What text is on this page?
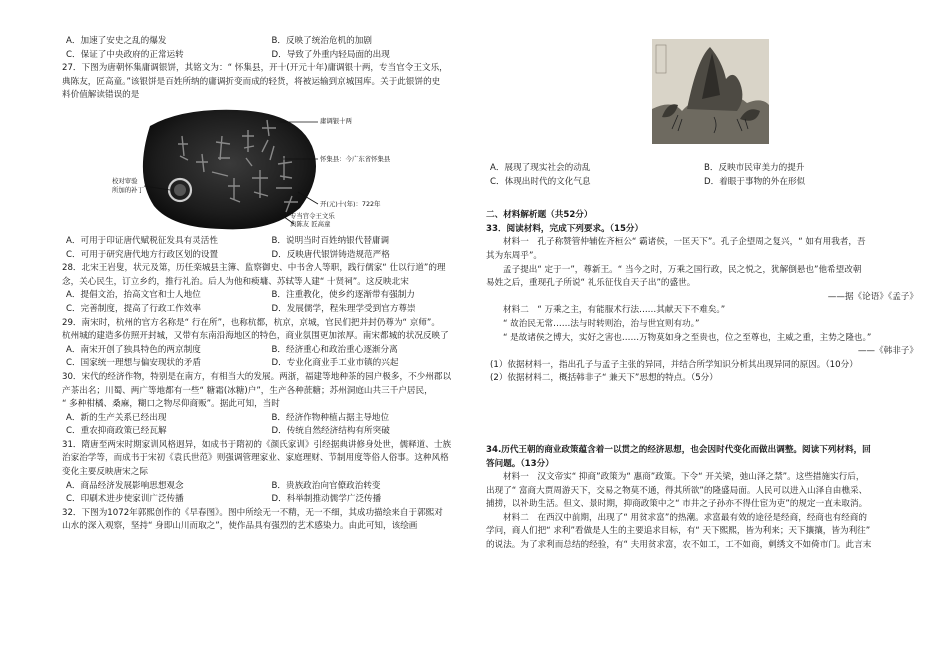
A．加速了安史之乱的爆发	B．反映了统治危机的加剧
C．保证了中央政府的正常运转	D．导致了外重内轻局面的出现
27．下图为唐朝怀集庸调银饼，其铭文为：“ 怀集县，开十(开元十年)庸调银十两，专当官令王文乐，
典陈友，匠高童。”该银饼是百姓所纳的庸调折变而成的轻货，将被运输到京城国库。关于此银饼的史
料价值解读错误的是
庸调银十两
怀集县：今广东省怀集县
校对审验
所加的补丁
开(元)十(年)：722年
专当官令王文乐
典陈友 匠高童
A．可用于印证唐代赋税征发具有灵活性	B．说明当时百姓纳银代替庸调
C．可用于研究唐代地方行政区划的设置	D．反映唐代银饼铸造规范严格
28．北宋王岩叟，状元及第，历任栾城县主簿、监察御史、中书舍人等职，践行儒家“ 仕以行道”的理
念，关心民生，订立乡约，推行礼治。后人为他和瘐墉、苏轼等人建“ 十贤祠”。这反映北宋
A．提倡文治，抬高文官和士人地位	B．注重教化，使乡约逐渐带有强制力
C．完善制度，提高了行政工作效率	D．发展儒学，程朱理学受到官方尊崇
29．南宋时，杭州的官方名称是“ 行在所”，也称杭都，杭京，京城，官民们把并封仍尊为“ 京师”。
杭州城的建造多仿照开封城，又带有东南沿海地区的特色，商业氛围更加浓厚。南宋都城的状况反映了
A．南宋开创了独具特色的两京制度	B．经济重心和政治重心逐渐分离
C．国家统一理想与偏安现状的矛盾	D．专业化商业手工业市镇的兴起
30．宋代的经济作物，特别是在南方，有相当大的发展。两浙，福建等地种茶的园户极多，不少州郡以
产茶出名；川蜀、两广等地都有一些“ 糖霜(冰糖)户”，生产各种蔗糖；苏州洞庭山共三千户居民，
“ 多种柑橘、桑麻，糊口之物尽仰商贩”。据此可知，当时
A．新的生产关系已经出现	B．经济作物种植占据主导地位
C．重农抑商政策已经瓦解	D．传统自然经济结构有所突破
31．隋唐至两宋时期家训风格迥异，如成书于隋初的《颜氏家训》引经据典讲修身处世，儒释道、士族
治家治学等，而成书于宋初《袁氏世范》则强调管理家业、家庭理财、节制用度等俗人俗事。这种风格
变化主要反映唐宋之际
A．商品经济发展影响思想观念	B．贵族政治向官僚政治转变
C．印刷术进步使家训广泛传播	D．科举制推动儒学广泛传播
32．下图为1072年郭熙创作的《早春图》。图中所绘无一不精，无一不细，其成功描绘来自于郭熙对
山水的深入观察，坚持“ 身即山川而取之”，使作品具有强烈的艺术感染力。由此可知，该绘画
A．展现了现实社会的动乱	B．反映市民审美力的提升
C．体现出时代的文化气息	D．着眼于事物的外在形似
二、材料解析题（共52分）
33．阅读材料，完成下列要求。（15分）
材料一　孔子称赞管仲辅佐齐桓公“ 霸诸侯，一匡天下”。孔子企望周之复兴，“ 如有用我者，吾
其为东周乎”。
孟子提出“ 定于一”，尊新王。“ 当今之时，万乘之国行政，民之悦之，犹解倒悬也”他希望改朝
易姓之后，重现孔子所说“ 礼乐征伐自天子出”的盛世。
——据《论语》《孟子》
材料二　“ 万乘之主，有能服术行法……其献天下不难矣。”
“ 故治民无常……法与时转则治，治与世宜则有功。”
“ 是故诸侯之博大，实好之害也……万物莫如身之至贵也，位之至尊也，主威之重，主势之隆也。”
——《韩非子》
(1）依据材料一，指出孔子与孟子主张的异同，并结合所学知识分析其出现异同的原因。（10分）
(2）依据材料二，概括韩非子“ 兼天下”思想的特点。（5分）
34.历代王朝的商业政策蕴含着一以贯之的经济思想，也会因时代变化而做出调整。阅读下列材料，回
答问题。（13分）
材料一　汉文帝实“ 抑商”政策为“ 惠商”政策。下令“ 开关梁，弛山泽之禁”。这些措施实行后，
出现了“ 富商大贾周游天下，交易之物莫不通，得其所欲”的隆盛局面。人民可以进入山泽自由樵采、
捕捞，以补助生活。但文、景时期，抑商政策中之“ 市井之子孙亦不得仕宦为吏”的规定一直未取消。
材料二　在西汉中前期，出现了“ 用贫求富”的热潮。求富最有效的途径是经商，经商也有经商的
学问，商人们把“ 求利”看做是人生的主要追求目标，有“ 天下熙熙，皆为利来；天下攘攘，皆为利往”
的说法。为了求利而总结的经验，有“ 夫用贫求富，农不如工，工不如商，刺绣文不如倚市门。此言末
